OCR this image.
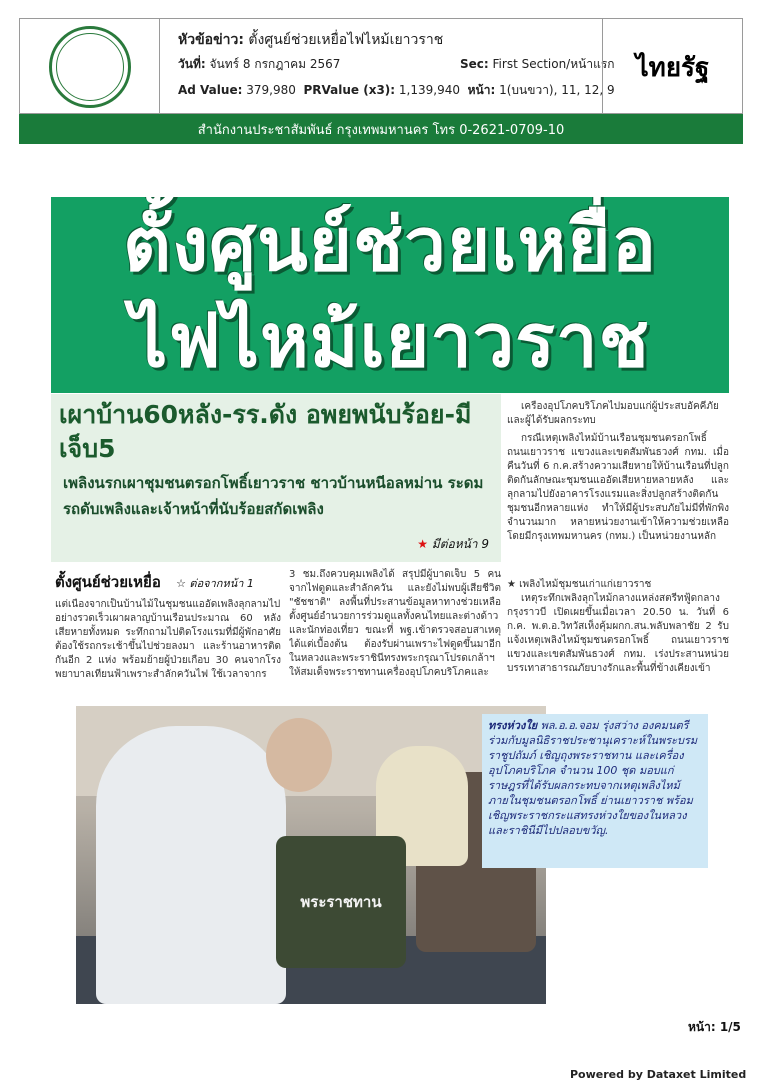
หัวข้อข่าว: ตั้งศูนย์ช่วยเหยื่อไฟไหม้เยาวราช
วันที่: จันทร์ 8 กรกฎาคม 2567	Sec: First Section/หน้าแรก
Ad Value: 379,980 PRValue (x3): 1,139,940 หน้า: 1(บนขวา), 11, 12, 9
ไทยรัฐ
สำนักงานประชาสัมพันธ์ กรุงเทพมหานคร โทร 0-2621-0709-10
ตั้งศูนย์ช่วยเหยื่อ
ไฟไหม้เยาวราช
เผาบ้าน60หลัง-รร.ดัง อพยพนับร้อย-มีเจ็บ5
เพลิงนรกเผาชุมชนตรอกโพธิ์เยาวราช ชาวบ้านหนีอลหม่าน ระดมรถดับเพลิงและเจ้าหน้าที่นับร้อยสกัดเพลิง
★ มีต่อหน้า 9

เครื่องอุปโภคบริโภคไปมอบแก่ผู้ประสบอัคคีภัยและผู้ได้รับผลกระทบ

กรณีเหตุเพลิงไหม้บ้านเรือนชุมชนตรอกโพธิ์ ถนนเยาวราช แขวงและเขตสัมพันธวงศ์ กทม. เมื่อคืนวันที่ 6 ก.ค.สร้างความเสียหายให้บ้านเรือนที่ปลูกติดกันลักษณะชุมชนแออัดเสียหายหลายหลัง และลุกลามไปยังอาคารโรงแรมและสิ่งปลูกสร้างติดกันชุมชนอีกหลายแห่ง ทำให้มีผู้ประสบภัยไม่มีที่พักพิงจำนวนมาก หลายหน่วยงานเข้าให้ความช่วยเหลือโดยมีกรุงเทพมหานคร (กทม.) เป็นหน่วยงานหลัก

★ เพลิงไหม้ชุมชนเก่าแก่เยาวราช

เหตุระทึกเพลิงลุกไหม้กลางแหล่งสตรีทฟู้ดกลางกรุงราวบี เปิดเผยขึ้นเมื่อเวลา 20.50 น. วันที่ 6 ก.ค. พ.ต.อ.วิทวัสเห็งคุ้มผกก.สน.พลับพลาชัย 2 รับแจ้งเหตุเพลิงไหม้ชุมชนตรอกโพธิ์ ถนนเยาวราช แขวงและเขตสัมพันธวงศ์ กทม. เร่งประสานหน่วยบรรเทาสาธารณภัยบางรักและพื้นที่ข้างเคียงเข้า

ตั้งศูนย์ช่วยเหยื่อ ☆ ต่อจากหน้า 1
แต่เนื่องจากเป็นบ้านไม้ในชุมชนแออัดเพลิงลุกลามไปอย่างรวดเร็วเผาผลาญบ้านเรือนประมาณ 60 หลัง เสียหายทั้งหมด ระทึกถามไปติดโรงแรมที่มีผู้พักอาศัยต้องใช้รถกระเช้าขึ้นไปช่วยลงมา และร้านอาหารติดกันอีก 2 แห่ง พร้อมย้ายผู้ป่วยเกือบ 30 คนจากโรงพยาบาลเทียนฟ้าเพราะสำลักควันไฟ ใช้เวลาจากร
3 ชม.ถึงควบคุมเพลิงได้ สรุปมีผู้บาดเจ็บ 5 คน จากไฟดูดและสำลักควัน และยังไม่พบผู้เสียชีวิต "ชัชชาติ" ลงพื้นที่ประสานข้อมูลหาทางช่วยเหลือ ตั้งศูนย์อำนวยการร่วมดูแลทั้งคนไทยและต่างด้าว และนักท่องเที่ยว ขณะที่ พฐ.เข้าตรวจสอบสาเหตุได้แต่เบื้องต้น ต้องรับผ่านเพราะไฟดูดขึ้นมาอีก ในหลวงและพระราชินีทรงพระกรุณาโปรดเกล้าฯให้สมเด็จพระราชทานเครื่องอุปโภคบริโภคและ
พระราชทาน
ทรงห่วงใย พล.อ.อ.จอม รุ่งสว่าง องคมนตรี ร่วมกับมูลนิธิราชประชานุเคราะห์ในพระบรมราชูปถัมภ์ เชิญถุงพระราชทาน และเครื่องอุปโภคบริโภค จำนวน 100 ชุด มอบแก่ราษฎรที่ได้รับผลกระทบจากเหตุเพลิงไหม้ภายในชุมชนตรอกโพธิ์ ย่านเยาวราช พร้อมเชิญพระราชกระแสทรงห่วงใยของในหลวงและราชินีมีไปปลอบขวัญ.
หน้า: 1/5
Powered by Dataxet Limited
